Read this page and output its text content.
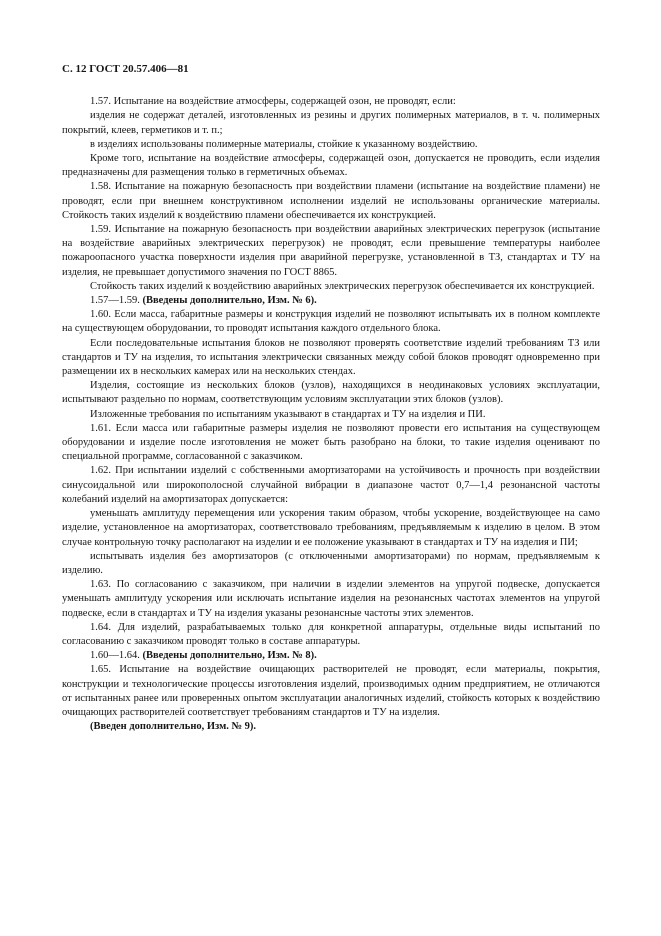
С. 12 ГОСТ 20.57.406—81

1.57. Испытание на воздействие атмосферы, содержащей озон, не проводят, если:

изделия не содержат деталей, изготовленных из резины и других полимерных материалов, в т. ч. полимерных покрытий, клеев, герметиков и т. п.;

в изделиях использованы полимерные материалы, стойкие к указанному воздействию.

Кроме того, испытание на воздействие атмосферы, содержащей озон, допускается не проводить, если изделия предназначены для размещения только в герметичных объемах.

1.58. Испытание на пожарную безопасность при воздействии пламени (испытание на воздействие пламени) не проводят, если при внешнем конструктивном исполнении изделий не использованы органические материалы. Стойкость таких изделий к воздействию пламени обеспечивается их конструкцией.

1.59. Испытание на пожарную безопасность при воздействии аварийных электрических перегрузок (испытание на воздействие аварийных электрических перегрузок) не проводят, если превышение температуры наиболее пожароопасного участка поверхности изделия при аварийной перегрузке, установленной в ТЗ, стандартах и ТУ на изделия, не превышает допустимого значения по ГОСТ 8865.

Стойкость таких изделий к воздействию аварийных электрических перегрузок обеспечивается их конструкцией.

1.57—1.59. (Введены дополнительно, Изм. № 6).

1.60. Если масса, габаритные размеры и конструкция изделий не позволяют испытывать их в полном комплекте на существующем оборудовании, то проводят испытания каждого отдельного блока.

Если последовательные испытания блоков не позволяют проверять соответствие изделий требованиям ТЗ или стандартов и ТУ на изделия, то испытания электрически связанных между собой блоков проводят одновременно при размещении их в нескольких камерах или на нескольких стендах.

Изделия, состоящие из нескольких блоков (узлов), находящихся в неодинаковых условиях эксплуатации, испытывают раздельно по нормам, соответствующим условиям эксплуатации этих блоков (узлов).

Изложенные требования по испытаниям указывают в стандартах и ТУ на изделия и ПИ.

1.61. Если масса или габаритные размеры изделия не позволяют провести его испытания на существующем оборудовании и изделие после изготовления не может быть разобрано на блоки, то такие изделия оценивают по специальной программе, согласованной с заказчиком.

1.62. При испытании изделий с собственными амортизаторами на устойчивость и прочность при воздействии синусоидальной или широкополосной случайной вибрации в диапазоне частот 0,7—1,4 резонансной частоты колебаний изделий на амортизаторах допускается:

уменьшать амплитуду перемещения или ускорения таким образом, чтобы ускорение, воздействующее на само изделие, установленное на амортизаторах, соответствовало требованиям, предъявляемым к изделию в целом. В этом случае контрольную точку располагают на изделии и ее положение указывают в стандартах и ТУ на изделия и ПИ;

испытывать изделия без амортизаторов (с отключенными амортизаторами) по нормам, предъявляемым к изделию.

1.63. По согласованию с заказчиком, при наличии в изделии элементов на упругой подвеске, допускается уменьшать амплитуду ускорения или исключать испытание изделия на резонансных частотах элементов на упругой подвеске, если в стандартах и ТУ на изделия указаны резонансные частоты этих элементов.

1.64. Для изделий, разрабатываемых только для конкретной аппаратуры, отдельные виды испытаний по согласованию с заказчиком проводят только в составе аппаратуры.

1.60—1.64. (Введены дополнительно, Изм. № 8).

1.65. Испытание на воздействие очищающих растворителей не проводят, если материалы, покрытия, конструкции и технологические процессы изготовления изделий, производимых одним предприятием, не отличаются от испытанных ранее или проверенных опытом эксплуатации аналогичных изделий, стойкость которых к воздействию очищающих растворителей соответствует требованиям стандартов и ТУ на изделия.

(Введен дополнительно, Изм. № 9).
